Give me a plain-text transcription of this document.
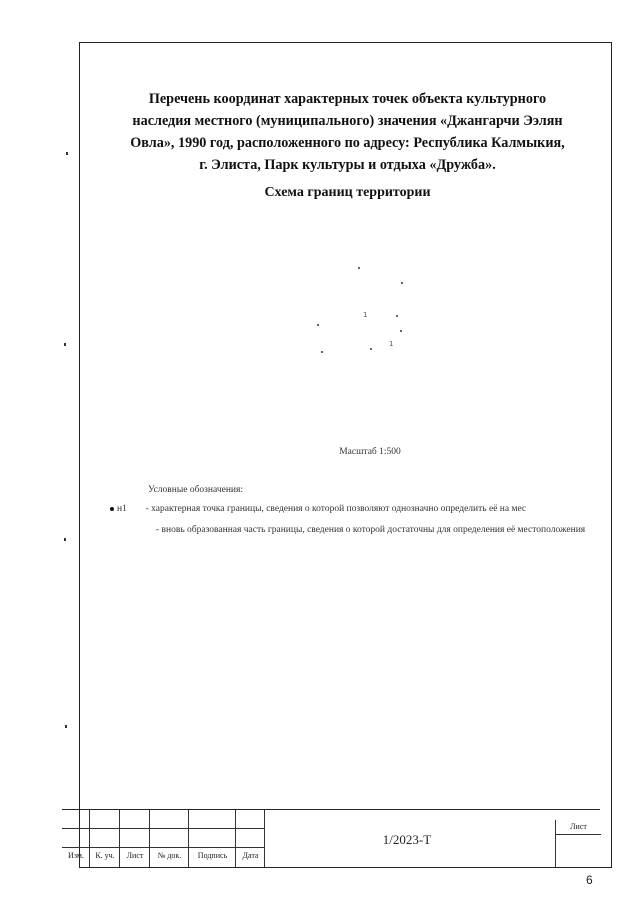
Перечень координат характерных точек объекта культурного
наследия местного (муниципального) значения «Джангарчи Ээлян
Овла», 1990 год, расположенного по адресу: Республика Калмыкия,
г. Элиста, Парк культуры и отдыха «Дружба».
Схема границ территории
1
1
Масштаб 1:500
Условные обозначения:
н1 - характерная точка границы, сведения о которой позволяют однозначно определить её на мес
- вновь образованная часть границы, сведения о которой достаточны для определения её местоположения
Изм.	К. уч.	Лист	№ док.	Подпись	Дата
1/2023-Т
Лист
6
